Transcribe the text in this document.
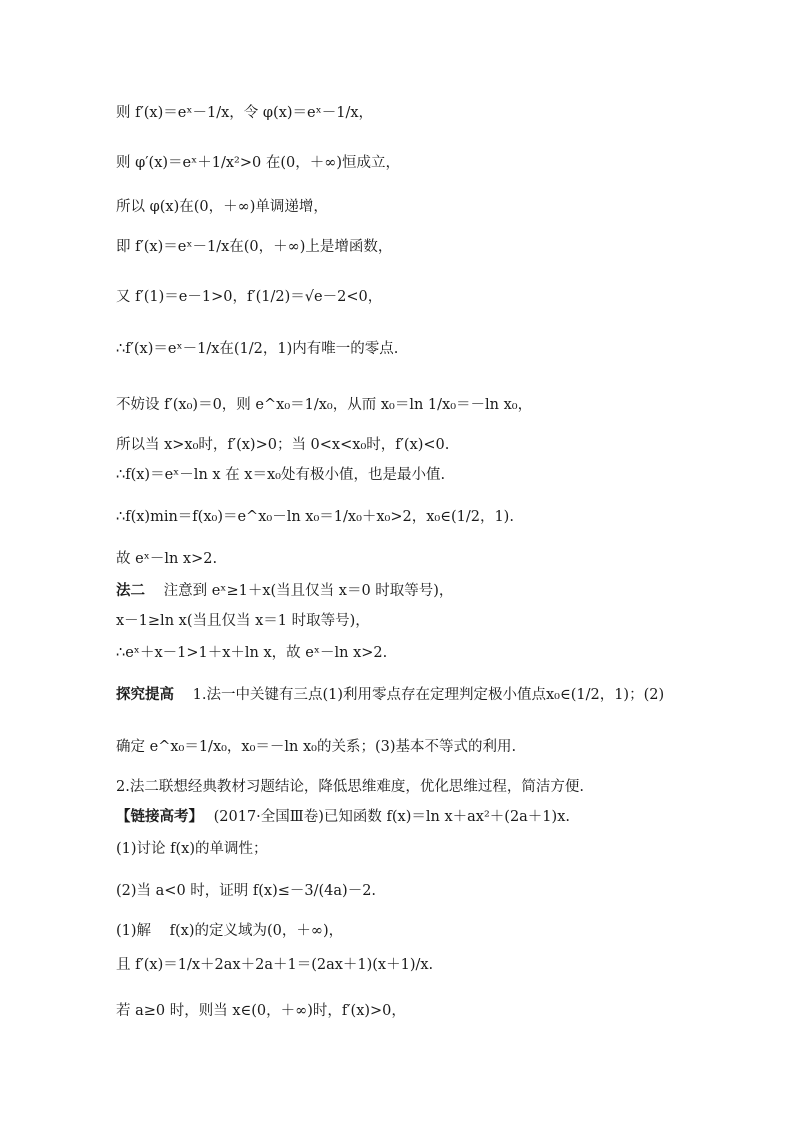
则 f′(x)＝eˣ－1/x，令 φ(x)＝eˣ－1/x，
则 φ′(x)＝eˣ＋1/x²>0 在(0，＋∞)恒成立，
所以 φ(x)在(0，＋∞)单调递增，
即 f′(x)＝eˣ－1/x在(0，＋∞)上是增函数，
又 f′(1)＝e－1>0，f′(1/2)＝√e－2<0，
∴f′(x)＝eˣ－1/x在(1/2，1)内有唯一的零点.
不妨设 f′(x₀)＝0，则 e^x₀＝1/x₀，从而 x₀＝ln 1/x₀＝－ln x₀，
所以当 x>x₀时，f′(x)>0；当 0<x<x₀时，f′(x)<0.
∴f(x)＝eˣ－ln x 在 x＝x₀处有极小值，也是最小值.
∴f(x)min＝f(x₀)＝e^x₀－ln x₀＝1/x₀＋x₀>2，x₀∈(1/2，1).
故 eˣ－ln x>2.
法二 注意到 eˣ≥1＋x(当且仅当 x＝0 时取等号)，
x－1≥ln x(当且仅当 x＝1 时取等号)，
∴eˣ＋x－1>1＋x＋ln x，故 eˣ－ln x>2.
探究提高 1.法一中关键有三点(1)利用零点存在定理判定极小值点x₀∈(1/2，1)；(2)
确定 e^x₀＝1/x₀，x₀＝－ln x₀的关系；(3)基本不等式的利用.
2.法二联想经典教材习题结论，降低思维难度，优化思维过程，简洁方便.
【链接高考】 (2017·全国Ⅲ卷)已知函数 f(x)＝ln x＋ax²＋(2a＋1)x.
(1)讨论 f(x)的单调性；
(2)当 a<0 时，证明 f(x)≤－3/(4a)－2.
(1)解 f(x)的定义域为(0，＋∞)，
且 f′(x)＝1/x＋2ax＋2a＋1＝(2ax＋1)(x＋1)/x.
若 a≥0 时，则当 x∈(0，＋∞)时，f′(x)>0，
